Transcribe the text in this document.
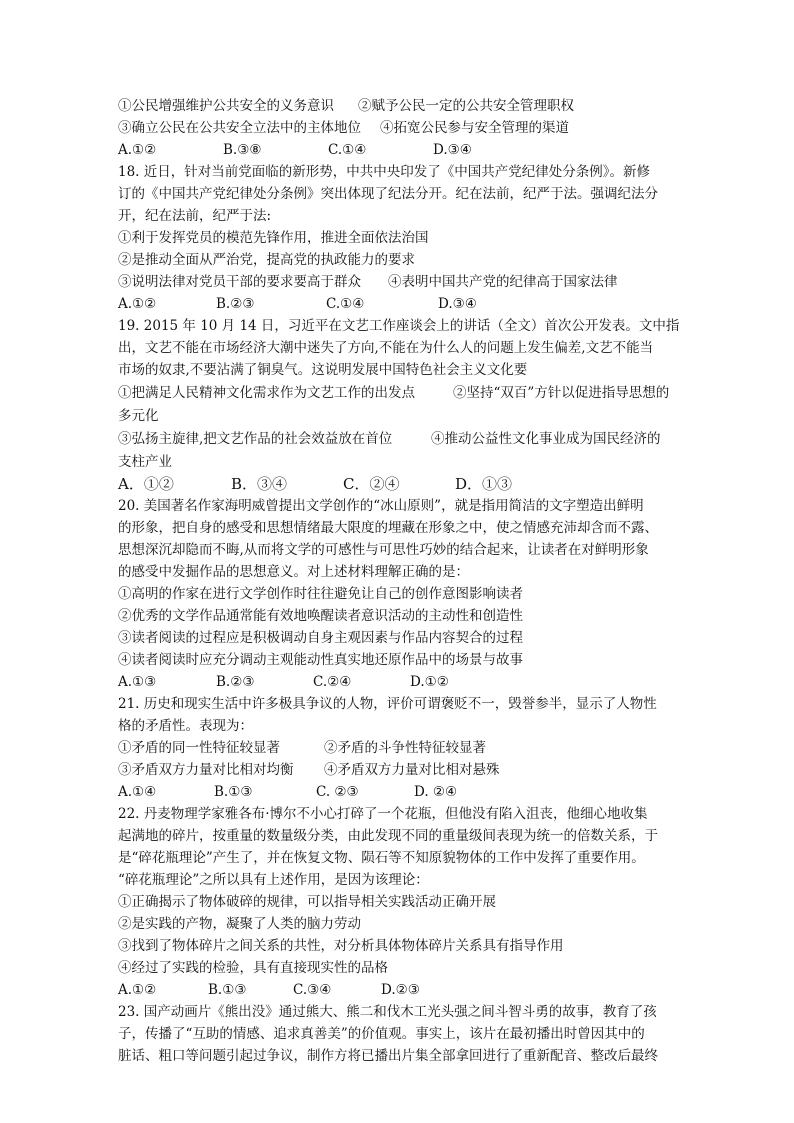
①公民增强维护公共安全的义务意识	②赋予公民一定的公共安全管理职权
③确立公民在公共安全立法中的主体地位	④拓宽公民参与安全管理的渠道
A.①②	B.③⑧	C.①④	D.③④
18. 近日，针对当前党面临的新形势，中共中央印发了《中国共产党纪律处分条例》。新修
订的《中国共产党纪律处分条例》突出体现了纪法分开。纪在法前，纪严于法。强调纪法分
开，纪在法前，纪严于法:
①利于发挥党员的模范先锋作用，推进全面依法治国
②是推动全面从严治党，提高党的执政能力的要求
③说明法律对党员干部的要求要高于群众	④表明中国共产党的纪律高于国家法律
A.①②	B.②③	C.①④	D.③④
19. 2015 年 10 月 14 日，习近平在文艺工作座谈会上的讲话（全文）首次公开发表。文中指
出，文艺不能在市场经济大潮中迷失了方向,不能在为什么人的问题上发生偏差,文艺不能当
市场的奴隶,不要沾满了铜臭气。这说明发展中国特色社会主义文化要
①把满足人民精神文化需求作为文艺工作的出发点	②坚持“双百”方针以促进指导思想的
多元化
③弘扬主旋律,把文艺作品的社会效益放在首位	④推动公益性文化事业成为国民经济的
支柱产业
A．①②	B．③④	C．②④	D．①③
20. 美国著名作家海明威曾提出文学创作的“冰山原则”，就是指用简洁的文字塑造出鲜明
的形象，把自身的感受和思想情绪最大限度的埋藏在形象之中，使之情感充沛却含而不露、
思想深沉却隐而不晦,从而将文学的可感性与可思性巧妙的结合起来，让读者在对鲜明形象
的感受中发掘作品的思想意义。对上述材料理解正确的是：
①高明的作家在进行文学创作时往往避免让自己的创作意图影响读者
②优秀的文学作品通常能有效地唤醒读者意识活动的主动性和创造性
③读者阅读的过程应是积极调动自身主观因素与作品内容契合的过程
④读者阅读时应充分调动主观能动性真实地还原作品中的场景与故事
A.①③	B.②③	C.②④	D.①②
21. 历史和现实生活中许多极具争议的人物，评价可谓褒贬不一，毁誉参半，显示了人物性
格的矛盾性。表现为：
①矛盾的同一性特征较显著	②矛盾的斗争性特征较显著
③矛盾双方力量对比相对均衡	④矛盾双方力量对比相对悬殊
A.①④	B.①③	C. ②③	D. ②④
22. 丹麦物理学家雅各布·博尔不小心打碎了一个花瓶，但他没有陷入沮丧，他细心地收集
起满地的碎片，按重量的数量级分类，由此发现不同的重量级间表现为统一的倍数关系，于
是“碎花瓶理论”产生了，并在恢复文物、陨石等不知原貌物体的工作中发挥了重要作用。
“碎花瓶理论”之所以具有上述作用，是因为该理论：
①正确揭示了物体破碎的规律，可以指导相关实践活动正确开展
②是实践的产物，凝聚了人类的脑力劳动
③找到了物体碎片之间关系的共性，对分析具体物体碎片关系具有指导作用
④经过了实践的检验，具有直接现实性的品格
A.①②	B.①③	C.③④	D.②③
23. 国产动画片《熊出没》通过熊大、熊二和伐木工光头强之间斗智斗勇的故事，教育了孩
子，传播了“互助的情感、追求真善美”的价值观。事实上，该片在最初播出时曾因其中的
脏话、粗口等问题引起过争议，制作方将已播出片集全部拿回进行了重新配音、整改后最终
